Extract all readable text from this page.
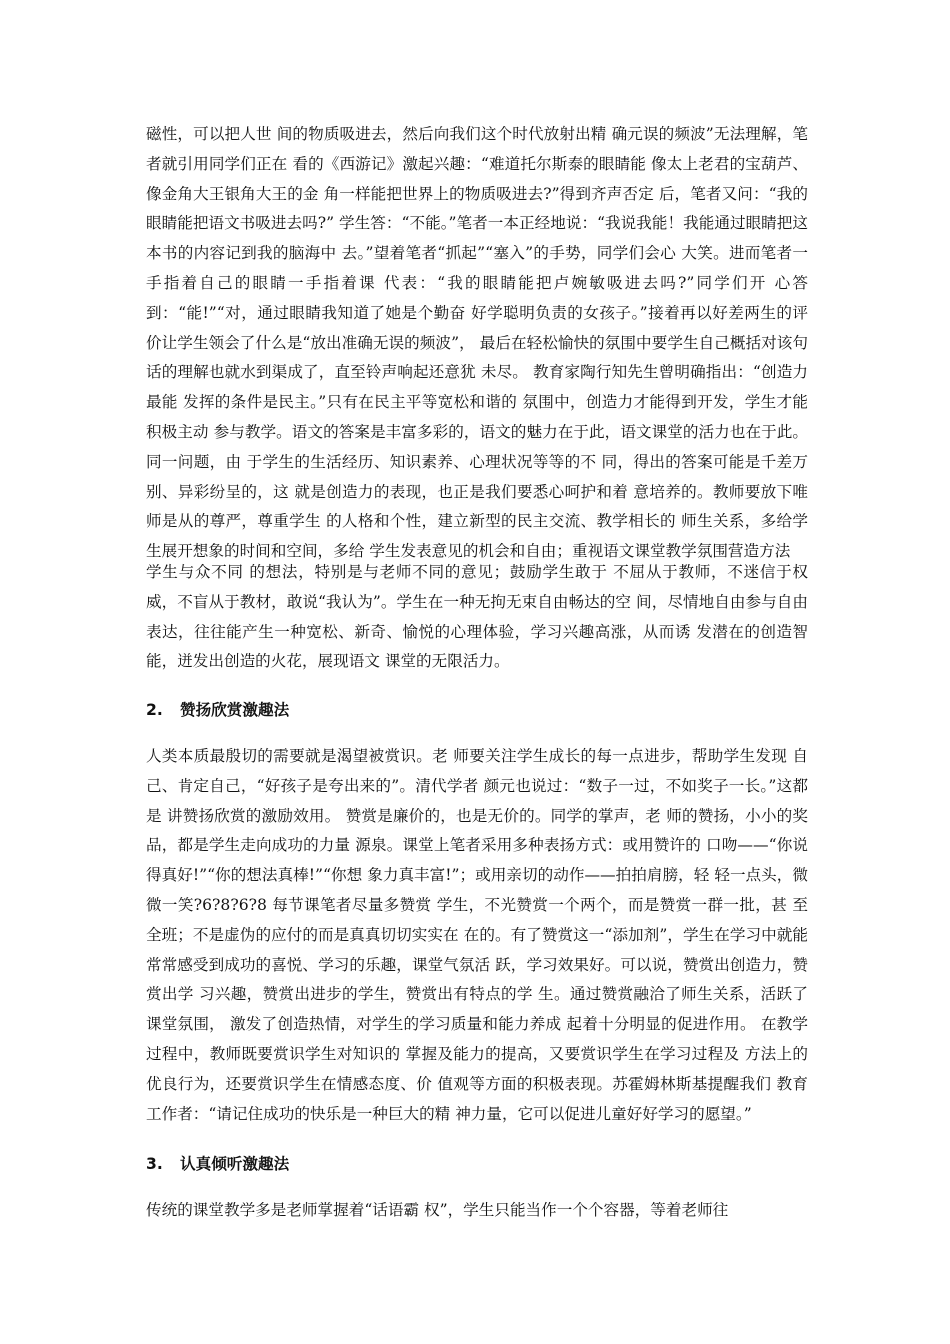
磁性，可以把人世 间的物质吸进去，然后向我们这个时代放射出精 确元误的频波”无法理解，笔者就引用同学们正在 看的《西游记》激起兴趣：“难道托尔斯泰的眼睛能 像太上老君的宝葫芦、像金角大王银角大王的金 角一样能把世界上的物质吸进去?”得到齐声否定 后，笔者又问：“我的眼睛能把语文书吸进去吗?” 学生答：“不能。”笔者一本正经地说：“我说我能！我能通过眼睛把这本书的内容记到我的脑海中 去。”望着笔者“抓起”“塞入”的手势，同学们会心 大笑。进而笔者一手指着自己的眼睛一手指着课 代表：“我的眼睛能把卢婉敏吸进去吗?”同学们开 心答到：“能!”“对，通过眼睛我知道了她是个勤奋 好学聪明负责的女孩子。”接着再以好差两生的评 价让学生领会了什么是“放出准确无误的频波”， 最后在轻松愉快的氛围中要学生自己概括对该句 话的理解也就水到渠成了，直至铃声响起还意犹 未尽。 教育家陶行知先生曾明确指出：“创造力最能 发挥的条件是民主。”只有在民主平等宽松和谐的 氛围中，创造力才能得到开发，学生才能积极主动 参与教学。语文的答案是丰富多彩的，语文的魅力在于此，语文课堂的活力也在于此。同一问题，由 于学生的生活经历、知识素养、心理状况等等的不 同，得出的答案可能是千差万别、异彩纷呈的，这 就是创造力的表现，也正是我们要悉心呵护和着 意培养的。教师要放下唯师是从的尊严，尊重学生 的人格和个性，建立新型的民主交流、教学相长的 师生关系，多给学生展开想象的时间和空间，多给 学生发表意见的机会和自由；重视语文课堂教学氛围营造方法

学生与众不同 的想法，特别是与老师不同的意见；鼓励学生敢于 不屈从于教师，不迷信于权威，不盲从于教材，敢说“我认为”。学生在一种无拘无束自由畅达的空 间，尽情地自由参与自由表达，往往能产生一种宽松、新奇、愉悦的心理体验，学习兴趣高涨，从而诱 发潜在的创造智能，迸发出创造的火花，展现语文 课堂的无限活力。

2. 赞扬欣赏激趣法

人类本质最殷切的需要就是渴望被赏识。老 师要关注学生成长的每一点进步，帮助学生发现 自己、肯定自己，“好孩子是夸出来的”。清代学者 颜元也说过：“数子一过，不如奖子一长。”这都是 讲赞扬欣赏的激励效用。 赞赏是廉价的，也是无价的。同学的掌声，老 师的赞扬，小小的奖品，都是学生走向成功的力量 源泉。课堂上笔者采用多种表扬方式：或用赞许的 口吻——“你说得真好!”“你的想法真棒!”“你想 象力真丰富!”；或用亲切的动作——拍拍肩膀，轻 轻一点头，微微一笑?6?8?6?8 每节课笔者尽量多赞赏 学生，不光赞赏一个两个，而是赞赏一群一批，甚 至全班；不是虚伪的应付的而是真真切切实实在 在的。有了赞赏这一“添加剂”，学生在学习中就能 常常感受到成功的喜悦、学习的乐趣，课堂气氛活 跃，学习效果好。可以说，赞赏出创造力，赞赏出学 习兴趣，赞赏出进步的学生，赞赏出有特点的学 生。通过赞赏融洽了师生关系，活跃了课堂氛围， 激发了创造热情，对学生的学习质量和能力养成 起着十分明显的促进作用。 在教学过程中，教师既要赏识学生对知识的 掌握及能力的提高，又要赏识学生在学习过程及 方法上的优良行为，还要赏识学生在情感态度、价 值观等方面的积极表现。苏霍姆林斯基提醒我们 教育工作者：“请记住成功的快乐是一种巨大的精 神力量，它可以促进儿童好好学习的愿望。”

3. 认真倾听激趣法

传统的课堂教学多是老师掌握着“话语霸 权”，学生只能当作一个个容器，等着老师往
